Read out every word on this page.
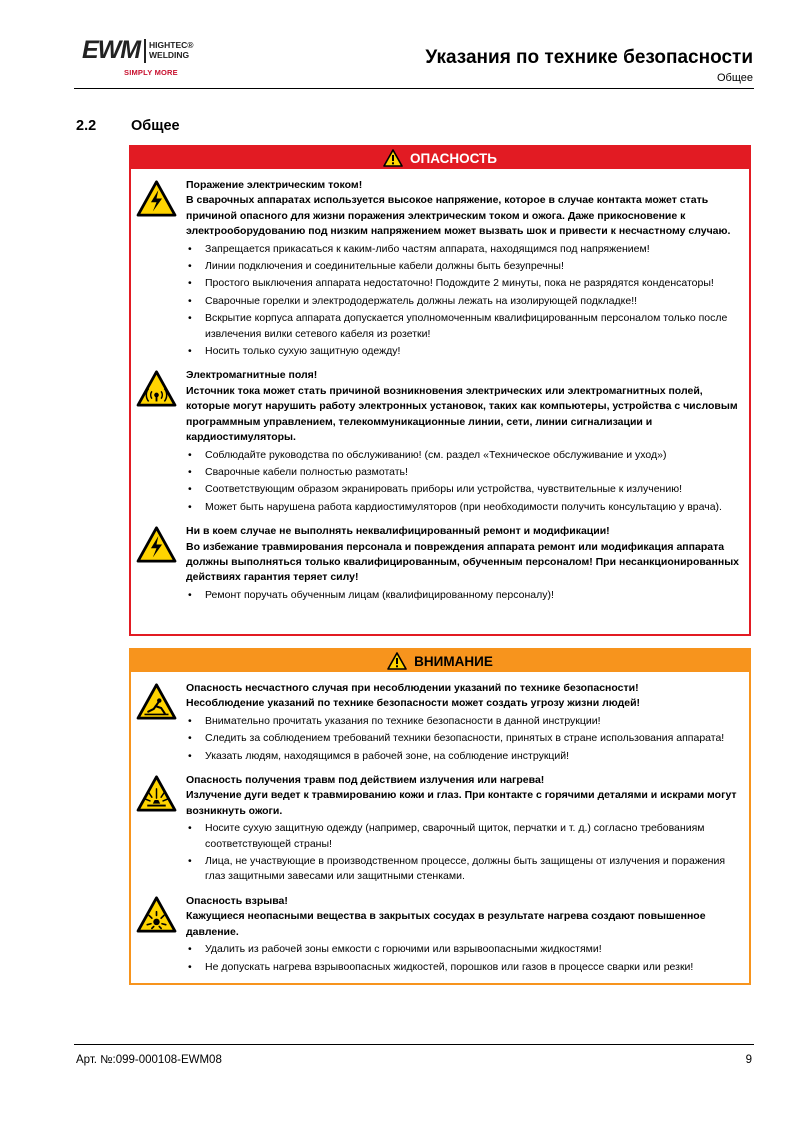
EWM HIGHTEC®
WELDING
SIMPLY MORE
Указания по технике безопасности
Общее
2.2 Общее
ОПАСНОСТЬ
Поражение электрическим током!
В сварочных аппаратах используется высокое напряжение, которое в случае контакта может стать причиной опасного для жизни поражения электрическим током и ожога. Даже прикосновение к электрооборудованию под низким напряжением может вызвать шок и привести к несчастному случаю.
• Запрещается прикасаться к каким-либо частям аппарата, находящимся под напряжением!
• Линии подключения и соединительные кабели должны быть безупречны!
• Простого выключения аппарата недостаточно! Подождите 2 минуты, пока не разрядятся конденсаторы!
• Сварочные горелки и электрододержатель должны лежать на изолирующей подкладке!!
• Вскрытие корпуса аппарата допускается уполномоченным квалифицированным персоналом только после извлечения вилки сетевого кабеля из розетки!
• Носить только сухую защитную одежду!
Электромагнитные поля!
Источник тока может стать причиной возникновения электрических или электромагнитных полей, которые могут нарушить работу электронных установок, таких как компьютеры, устройства с числовым программным управлением, телекоммуникационные линии, сети, линии сигнализации и кардиостимуляторы.
• Соблюдайте руководства по обслуживанию! (см. раздел «Техническое обслуживание и уход»)
• Сварочные кабели полностью размотать!
• Соответствующим образом экранировать приборы или устройства, чувствительные к излучению!
• Может быть нарушена работа кардиостимуляторов (при необходимости получить консультацию у врача).
Ни в коем случае не выполнять неквалифицированный ремонт и модификации!
Во избежание травмирования персонала и повреждения аппарата ремонт или модификация аппарата должны выполняться только квалифицированным, обученным персоналом! При несанкционированных действиях гарантия теряет силу!
• Ремонт поручать обученным лицам (квалифицированному персоналу)!
ВНИМАНИЕ
Опасность несчастного случая при несоблюдении указаний по технике безопасности!
Несоблюдение указаний по технике безопасности может создать угрозу жизни людей!
• Внимательно прочитать указания по технике безопасности в данной инструкции!
• Следить за соблюдением требований техники безопасности, принятых в стране использования аппарата!
• Указать людям, находящимся в рабочей зоне, на соблюдение инструкций!
Опасность получения травм под действием излучения или нагрева!
Излучение дуги ведет к травмированию кожи и глаз. При контакте с горячими деталями и искрами могут возникнуть ожоги.
• Носите сухую защитную одежду (например, сварочный щиток, перчатки и т. д.) согласно требованиям соответствующей страны!
• Лица, не участвующие в производственном процессе, должны быть защищены от излучения и поражения глаз защитными завесами или защитными стенками.
Опасность взрыва!
Кажущиеся неопасными вещества в закрытых сосудах в результате нагрева создают повышенное давление.
• Удалить из рабочей зоны емкости с горючими или взрывоопасными жидкостями!
• Не допускать нагрева взрывоопасных жидкостей, порошков или газов в процессе сварки или резки!
Арт. №:099-000108-EWM08	9
